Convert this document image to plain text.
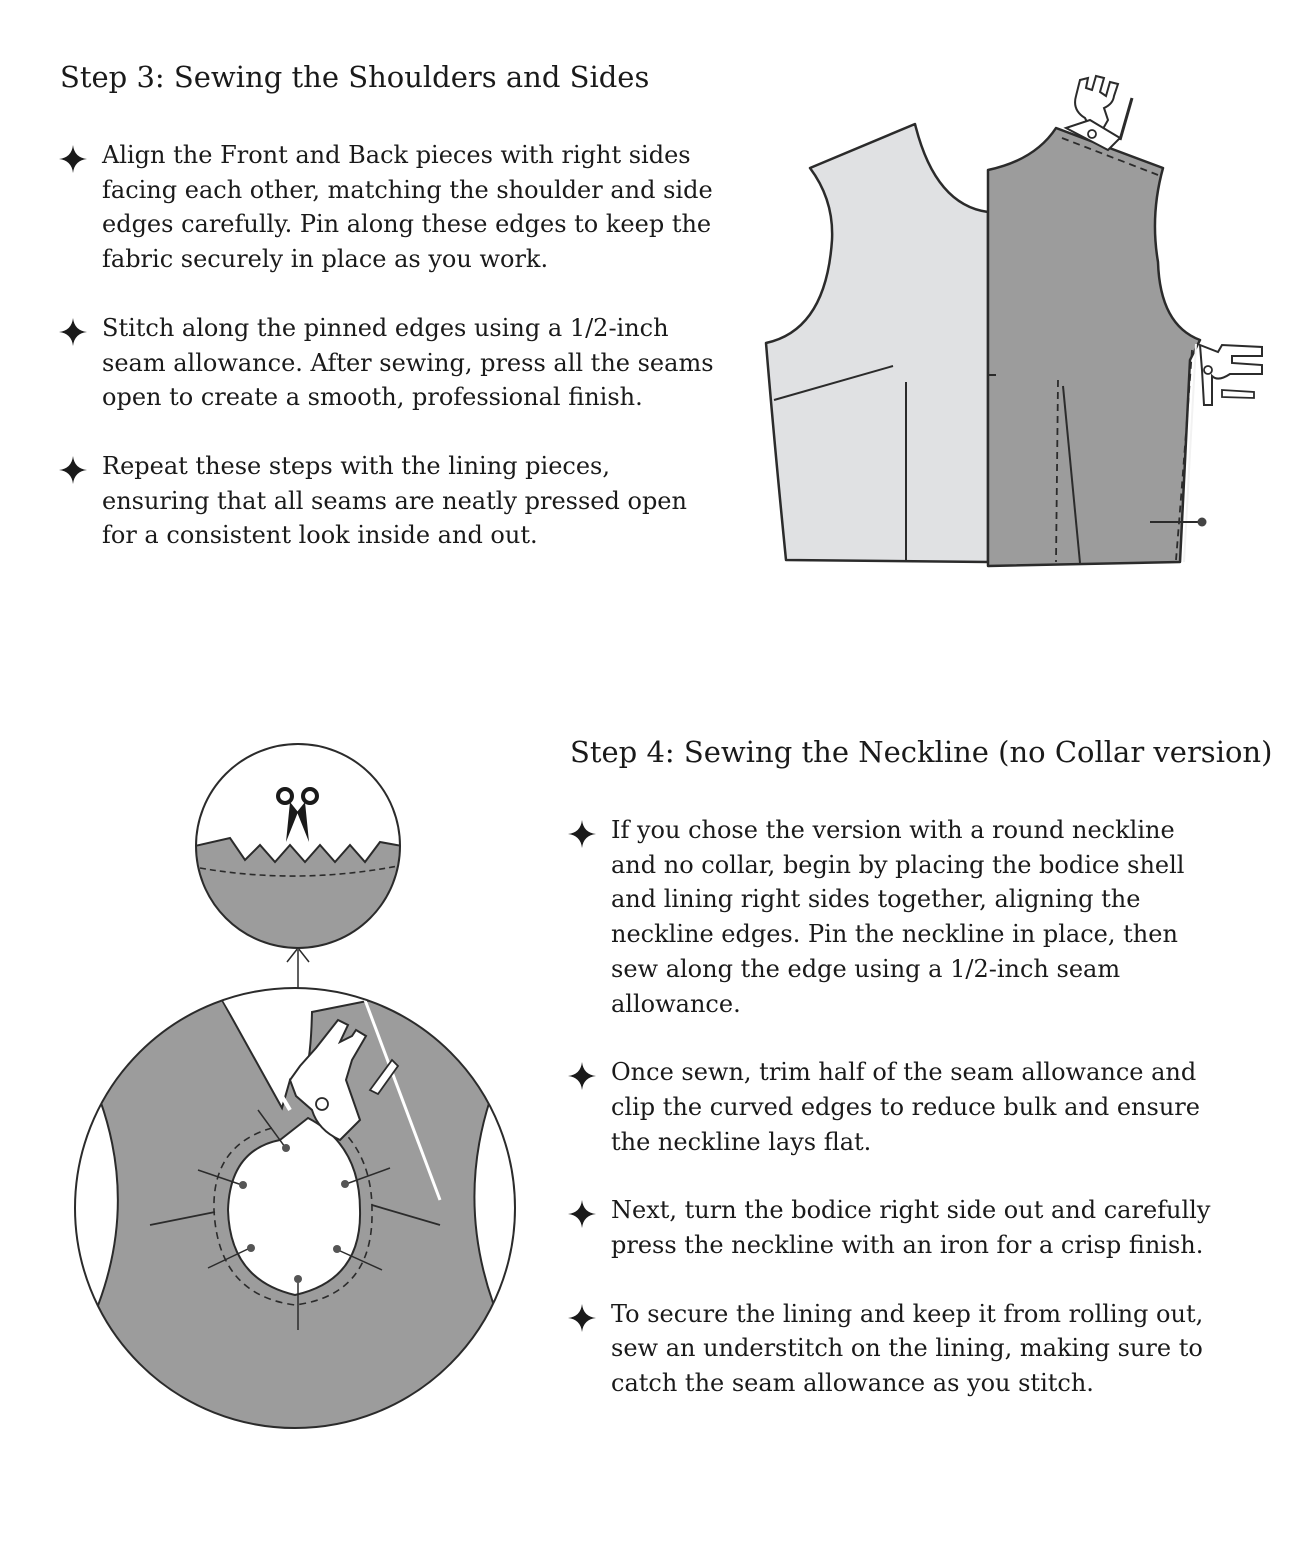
Step 3: Sewing the Shoulders and Sides
Align the Front and Back pieces with right sides facing each other, matching the shoulder and side edges carefully. Pin along these edges to keep the fabric securely in place as you work.
Stitch along the pinned edges using a 1/2-inch seam allowance. After sewing, press all the seams open to create a smooth, professional finish.
Repeat these steps with the lining pieces, ensuring that all seams are neatly pressed open for a consistent look inside and out.
Step 4: Sewing the Neckline (no Collar version)
If you chose the version with a round neckline and no collar, begin by placing the bodice shell and lining right sides together, aligning the neckline edges. Pin the neckline in place, then sew along the edge using a 1/2-inch seam allowance.
Once sewn, trim half of the seam allowance and clip the curved edges to reduce bulk and ensure the neckline lays flat.
Next, turn the bodice right side out and carefully press the neckline with an iron for a crisp finish.
To secure the lining and keep it from rolling out, sew an understitch on the lining, making sure to catch the seam allowance as you stitch.
